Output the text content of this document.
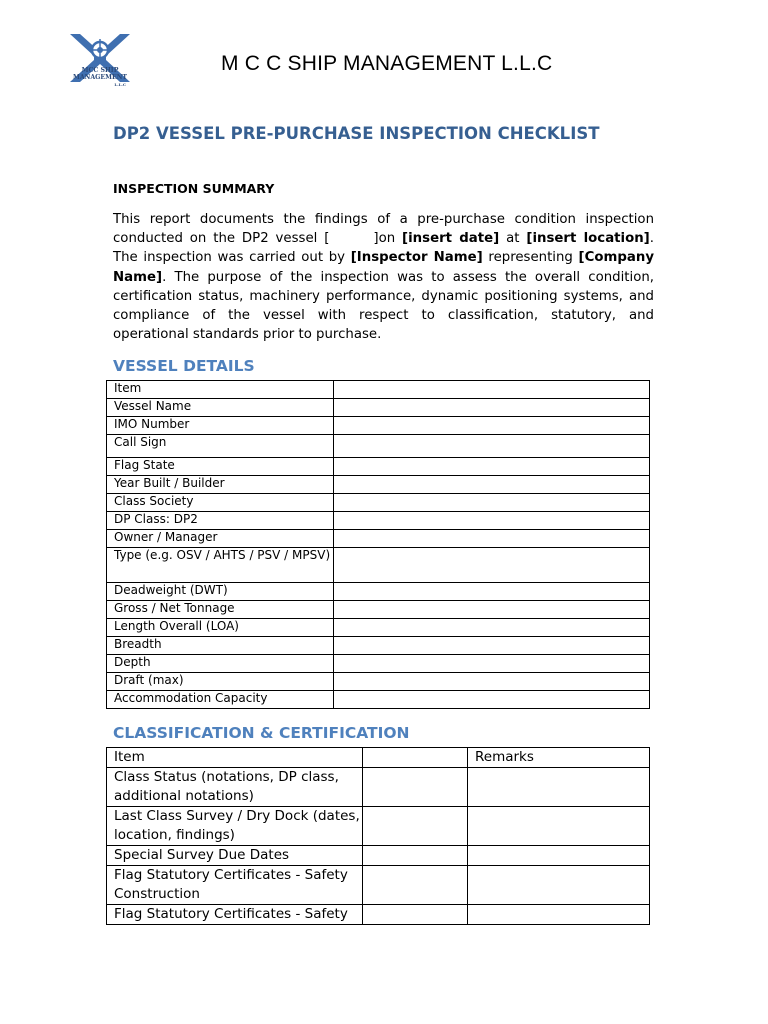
MCC SHIP MANAGEMENT
L.L.C
M C C SHIP MANAGEMENT L.L.C
DP2 VESSEL PRE-PURCHASE INSPECTION CHECKLIST
INSPECTION SUMMARY
This report documents the findings of a pre-purchase condition inspection conducted on the DP2 vessel [	]on [insert date] at [insert location]. The inspection was carried out by [Inspector Name] representing [Company Name]. The purpose of the inspection was to assess the overall condition, certification status, machinery performance, dynamic positioning systems, and compliance of the vessel with respect to classification, statutory, and operational standards prior to purchase.
VESSEL DETAILS
Item	
Vessel Name	
IMO Number	
Call Sign	
Flag State	
Year Built / Builder	
Class Society	
DP Class: DP2	
Owner / Manager	
Type (e.g. OSV / AHTS / PSV / MPSV)	
Deadweight (DWT)	
Gross / Net Tonnage	
Length Overall (LOA)	
Breadth	
Depth	
Draft (max)	
Accommodation Capacity	
CLASSIFICATION & CERTIFICATION
Item		Remarks
Class Status (notations, DP class, additional notations)		
Last Class Survey / Dry Dock (dates, location, findings)		
Special Survey Due Dates		
Flag Statutory Certificates - Safety Construction		
Flag Statutory Certificates - Safety		
